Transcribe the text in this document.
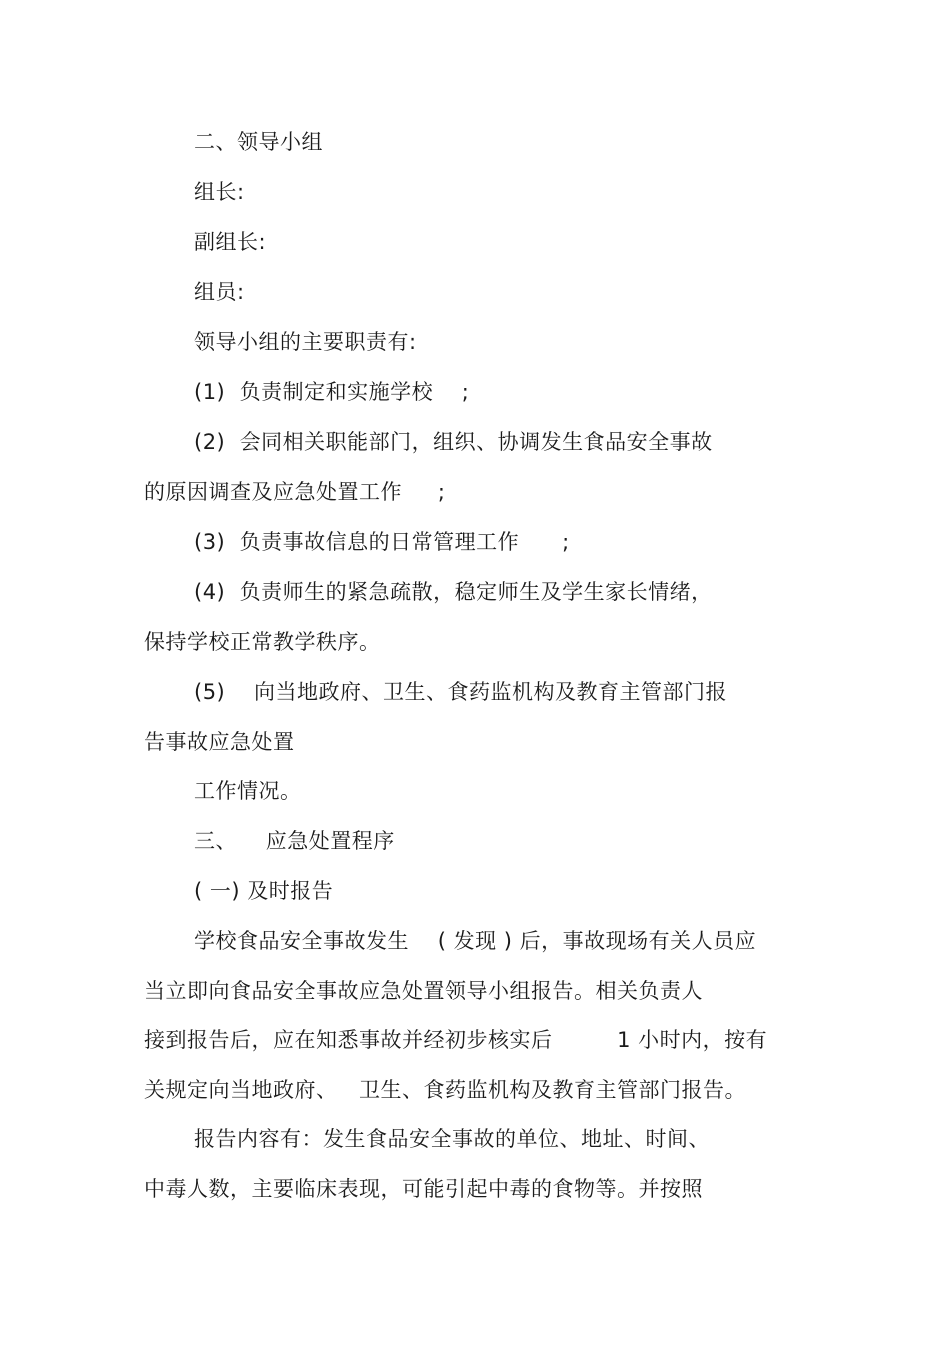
二、领导小组
组长:
副组长:
组员:
领导小组的主要职责有:
(1)  负责制定和实施学校    ;
(2)  会同相关职能部门，组织、协调发生食品安全事故
的原因调查及应急处置工作     ;
(3)  负责事故信息的日常管理工作      ;
(4)  负责师生的紧急疏散，稳定师生及学生家长情绪，
保持学校正常教学秩序。
(5)    向当地政府、卫生、食药监机构及教育主管部门报
告事故应急处置
工作情况。
三、    应急处置程序
( 一) 及时报告
学校食品安全事故发生    ( 发现 ) 后，事故现场有关人员应
当立即向食品安全事故应急处置领导小组报告。相关负责人
接到报告后，应在知悉事故并经初步核实后         1 小时内，按有
关规定向当地政府、   卫生、食药监机构及教育主管部门报告。
报告内容有：发生食品安全事故的单位、地址、时间、
中毒人数，主要临床表现，可能引起中毒的食物等。并按照
